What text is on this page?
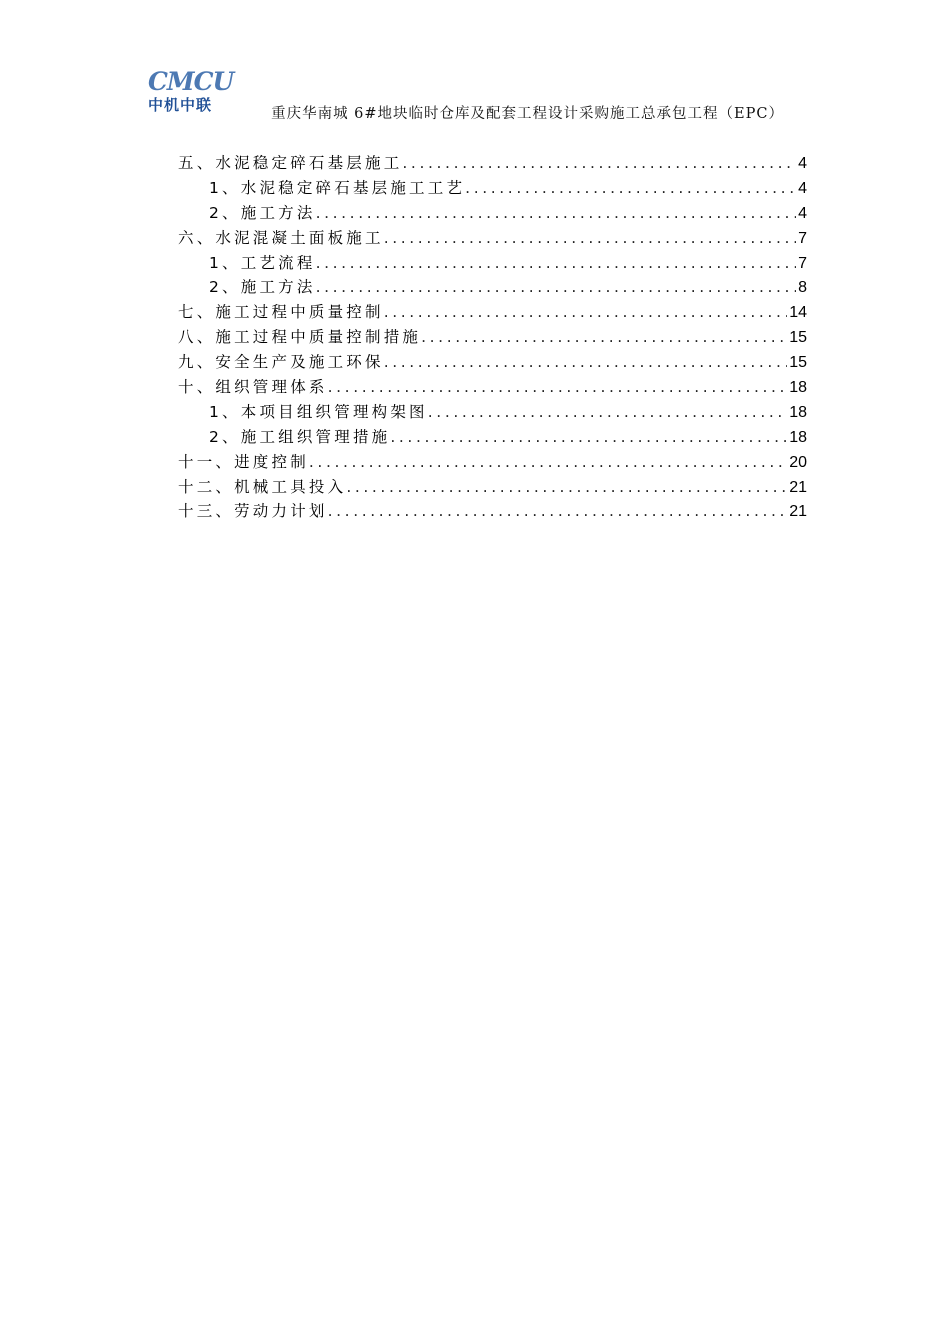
CMCU
中机中联	重庆华南城 6#地块临时仓库及配套工程设计采购施工总承包工程（EPC）
五、水泥稳定碎石基层施工 .....	4
1、水泥稳定碎石基层施工工艺 .....	4
2、施工方法 .....	4
六、水泥混凝土面板施工 .....	7
1、工艺流程 .....	7
2、施工方法 .....	8
七、施工过程中质量控制 .....	14
八、施工过程中质量控制措施 .....	15
九、安全生产及施工环保 .....	15
十、组织管理体系 .....	18
1、本项目组织管理构架图 .....	18
2、施工组织管理措施 .....	18
十一、进度控制 .....	20
十二、机械工具投入 .....	21
十三、劳动力计划 .....	21
